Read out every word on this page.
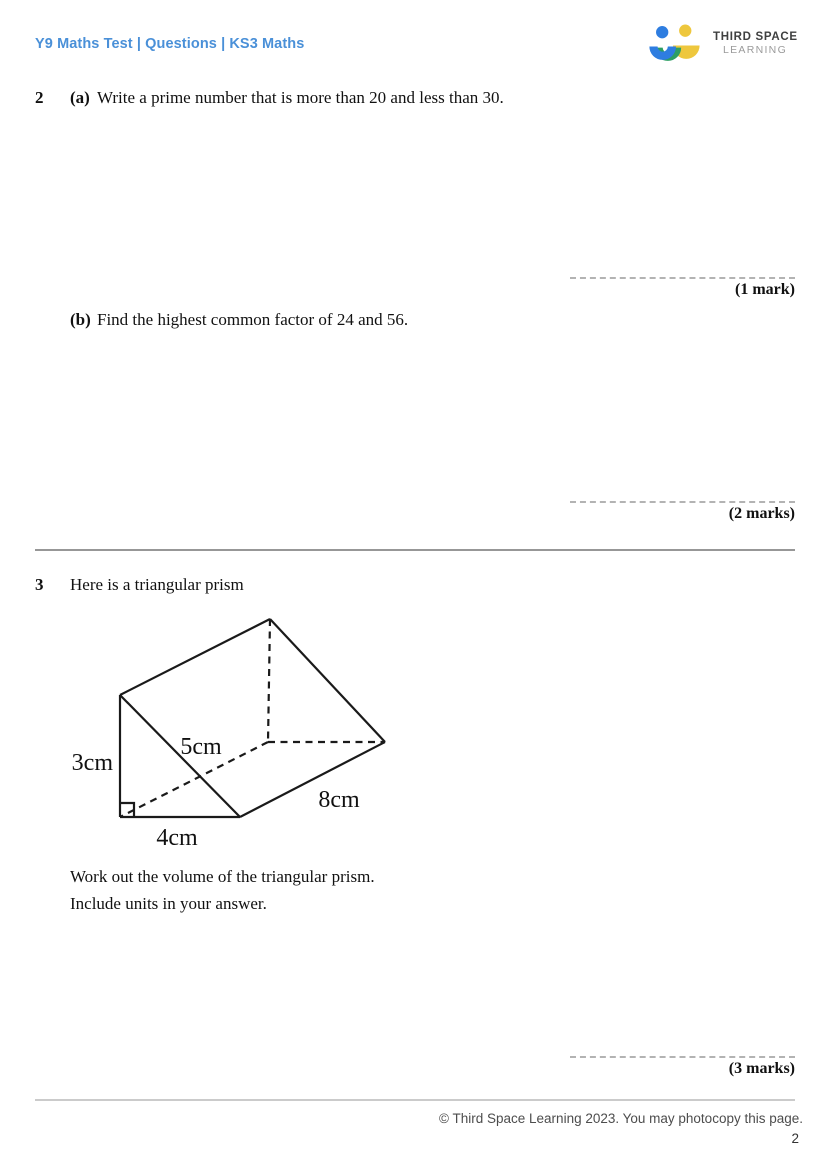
Y9 Maths Test | Questions | KS3 Maths	THIRD SPACE
LEARNING
2 (a) Write a prime number that is more than 20 and less than 30.
(1 mark)
(b) Find the highest common factor of 24 and 56.
(2 marks)
3 Here is a triangular prism
3cm
5cm
4cm
8cm
Work out the volume of the triangular prism.
Include units in your answer.
(3 marks)
© Third Space Learning 2023. You may photocopy this page.
2
